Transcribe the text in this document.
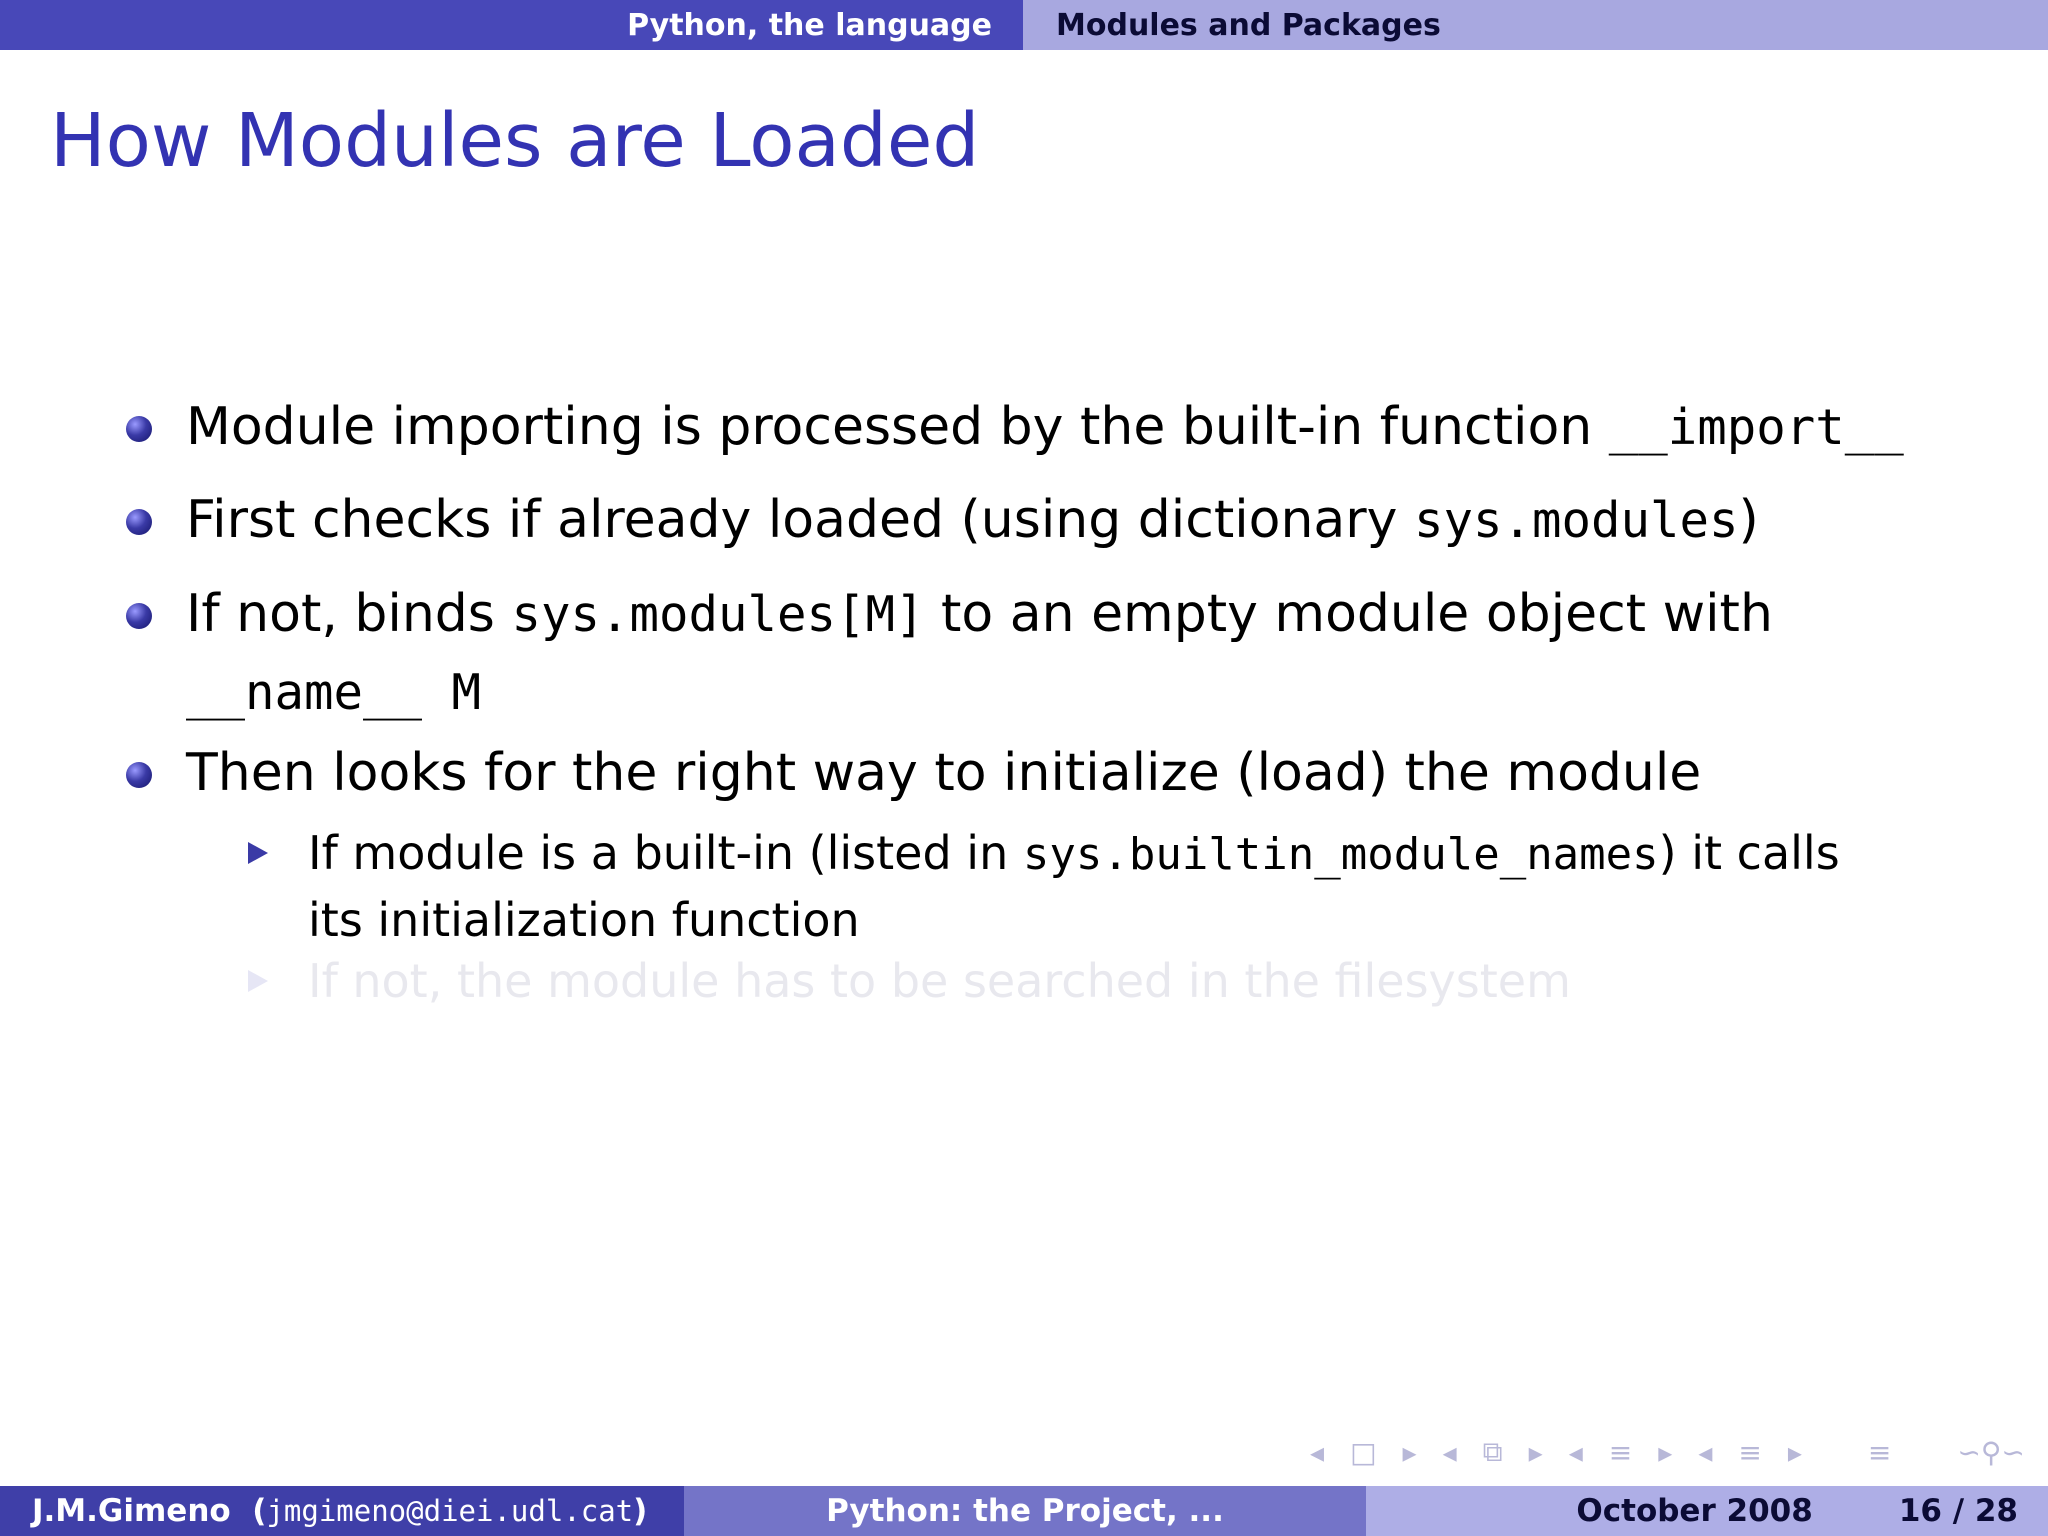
Python, the language Modules and Packages
How Modules are Loaded
Module importing is processed by the built-in function __import__
First checks if already loaded (using dictionary sys.modules)
If not, binds sys.modules[M] to an empty module object with
__name__ M
Then looks for the right way to initialize (load) the module
If module is a built-in (listed in sys.builtin_module_names) it calls
its initialization function
If not, the module has to be searched in the filesystem
◂ □ ▸ ◂ ⧉ ▸ ◂ ≡ ▸ ◂ ≡ ▸ ≡ ∽⚲∽
J.M.Gimeno ( jmgimeno@diei.udl.cat )	Python: the Project, ...	October 2008	16 / 28
